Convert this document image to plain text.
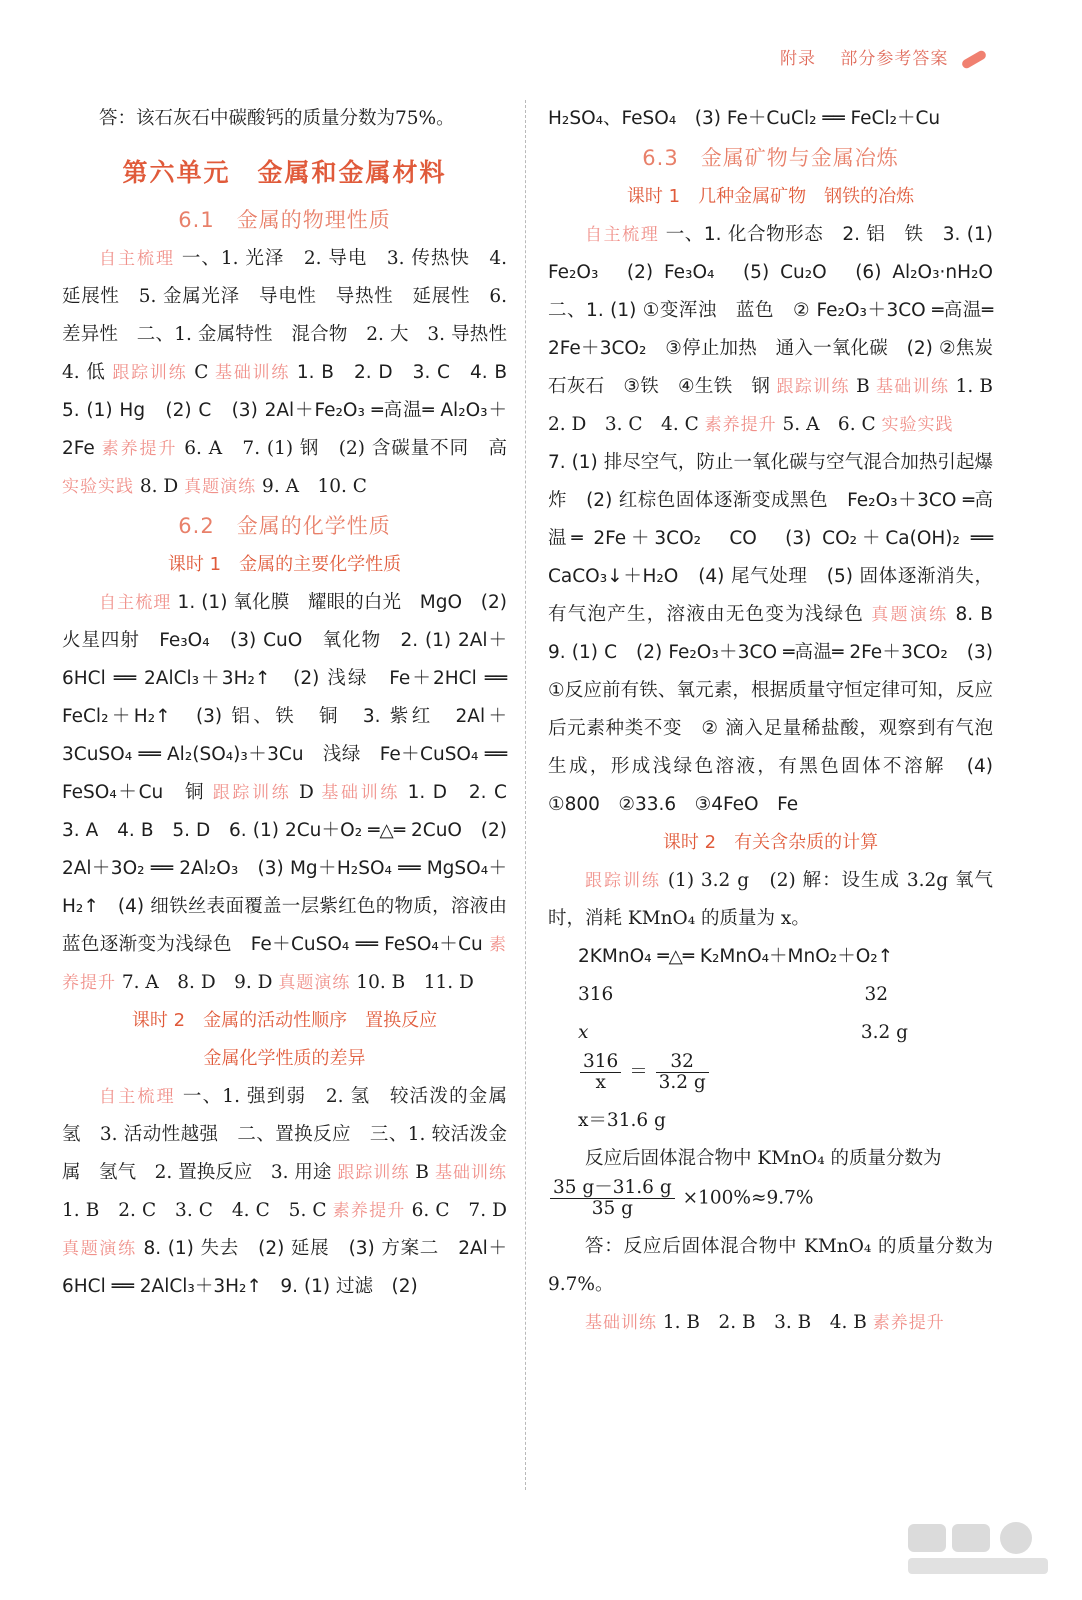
附录　 部分参考答案

答：该石灰石中碳酸钙的质量分数为75%。

第六单元　金属和金属材料

6.1　金属的物理性质

自主梳理 一、1. 光泽　2. 导电　3. 传热快　4. 延展性　5. 金属光泽　导电性　导热性　延展性　6. 差异性　二、1. 金属特性　混合物　2. 大　3. 导热性　4. 低 跟踪训练 C 基础训练 1. B　2. D　3. C　4. B　5. (1) Hg　(2) C　(3) 2Al＋Fe₂O₃ ═高温═ Al₂O₃＋2Fe 素养提升 6. A　7. (1) 钢　(2) 含碳量不同　高 实验实践 8. D 真题演练 9. A　10. C

6.2　金属的化学性质

课时 1　金属的主要化学性质

自主梳理 1. (1) 氧化膜　耀眼的白光　MgO　(2) 火星四射　Fe₃O₄　(3) CuO　氧化物　2. (1) 2Al＋6HCl ══ 2AlCl₃＋3H₂↑　(2) 浅绿　Fe＋2HCl ══ FeCl₂＋H₂↑　(3) 铝、铁　铜　3. 紫红　2Al＋3CuSO₄ ══ Al₂(SO₄)₃＋3Cu　浅绿　Fe＋CuSO₄ ══ FeSO₄＋Cu　铜 跟踪训练 D 基础训练 1. D　2. C　3. A　4. B　5. D　6. (1) 2Cu＋O₂ ═△═ 2CuO　(2) 2Al＋3O₂ ══ 2Al₂O₃　(3) Mg＋H₂SO₄ ══ MgSO₄＋H₂↑　(4) 细铁丝表面覆盖一层紫红色的物质，溶液由蓝色逐渐变为浅绿色　Fe＋CuSO₄ ══ FeSO₄＋Cu 素养提升 7. A　8. D　9. D 真题演练 10. B　11. D

课时 2　金属的活动性顺序　置换反应

金属化学性质的差异

自主梳理 一、1. 强到弱　2. 氢　较活泼的金属　氢　3. 活动性越强　二、置换反应　三、1. 较活泼金属　氢气　2. 置换反应　3. 用途 跟踪训练 B 基础训练 1. B　2. C　3. C　4. C　5. C 素养提升 6. C　7. D 真题演练 8. (1) 失去　(2) 延展　(3) 方案二　2Al＋6HCl ══ 2AlCl₃＋3H₂↑　9. (1) 过滤　(2)

H₂SO₄、FeSO₄　(3) Fe＋CuCl₂ ══ FeCl₂＋Cu

6.3　金属矿物与金属冶炼

课时 1　几种金属矿物　钢铁的冶炼

自主梳理 一、1. 化合物形态　2. 铝　铁　3. (1) Fe₂O₃　(2) Fe₃O₄　(5) Cu₂O　(6) Al₂O₃·nH₂O　二、1. (1) ①变浑浊　蓝色　② Fe₂O₃＋3CO ═高温═ 2Fe＋3CO₂　③停止加热　通入一氧化碳　(2) ②焦炭　石灰石　③铁　④生铁　钢 跟踪训练 B 基础训练 1. B　2. D　3. C　4. C 素养提升 5. A　6. C 实验实践

7. (1) 排尽空气，防止一氧化碳与空气混合加热引起爆炸　(2) 红棕色固体逐渐变成黑色　Fe₂O₃＋3CO ═高温═ 2Fe＋3CO₂　CO　(3) CO₂＋Ca(OH)₂ ══ CaCO₃↓＋H₂O　(4) 尾气处理　(5) 固体逐渐消失，有气泡产生，溶液由无色变为浅绿色 真题演练 8. B　9. (1) C　(2) Fe₂O₃＋3CO ═高温═ 2Fe＋3CO₂　(3) ①反应前有铁、氧元素，根据质量守恒定律可知，反应后元素种类不变　② 滴入足量稀盐酸，观察到有气泡生成，形成浅绿色溶液，有黑色固体不溶解　(4) ①800　②33.6　③4FeO　Fe

课时 2　有关含杂质的计算

跟踪训练 (1) 3.2 g　(2) 解：设生成 3.2g 氧气时，消耗 KMnO₄ 的质量为 x。

2KMnO₄ ═△═ K₂MnO₄＋MnO₂＋O₂↑
316	32
x	3.2 g
$\frac{316}{x} = \frac{32}{3.2 g}$
x＝31.6 g

反应后固体混合物中 KMnO₄ 的质量分数为

$\frac{35 g-31.6 g}{35 g} \times 100\%\approx 9.7\%$

答：反应后固体混合物中 KMnO₄ 的质量分数为 9.7%。

基础训练 1. B　2. B　3. B　4. B 素养提升
